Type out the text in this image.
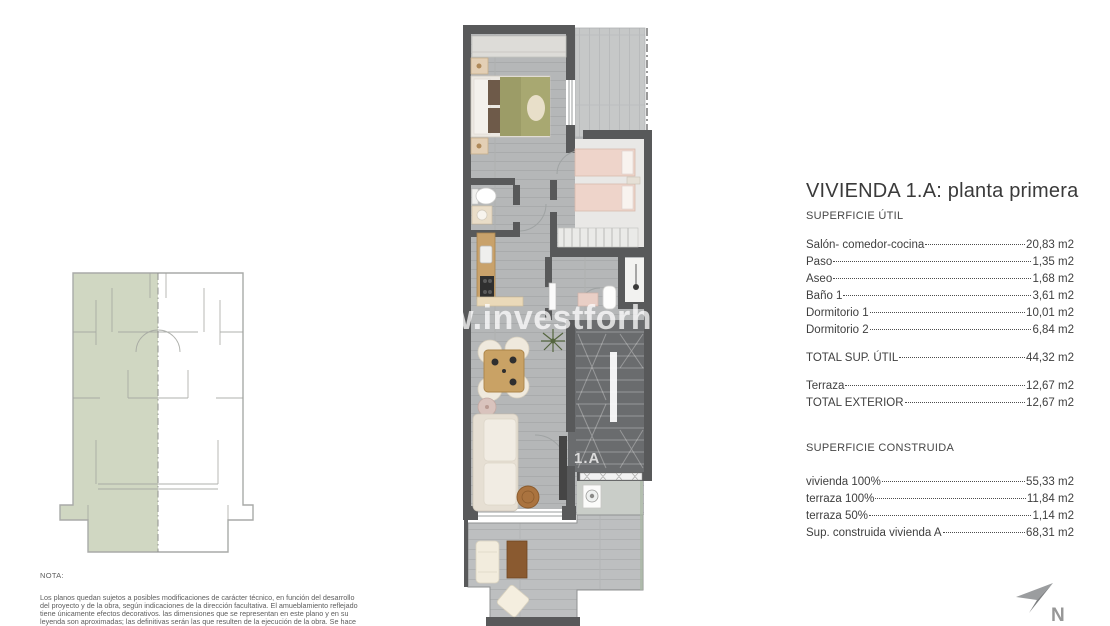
1.A
N
w.investforhome.c
VIVIENDA 1.A: planta primera
SUPERFICIE ÚTIL
Salón- comedor-cocina	20,83 m2
Paso	1,35 m2
Aseo	1,68 m2
Baño 1	3,61 m2
Dormitorio 1	10,01 m2
Dormitorio 2	6,84 m2
TOTAL SUP. ÚTIL	44,32 m2
Terraza	12,67 m2
TOTAL EXTERIOR	12,67 m2
SUPERFICIE CONSTRUIDA
vivienda 100%	55,33 m2
terraza 100%	11,84 m2
terraza 50%	1,14 m2
Sup. construida vivienda A	68,31 m2
NOTA:
Los planos quedan sujetos a posibles modificaciones de carácter técnico, en función del desarrollo
del proyecto y de la obra, según indicaciones de la dirección facultativa. El amueblamiento reflejado
tiene únicamente efectos decorativos. las dimensiones que se representan en este plano y en su
leyenda son aproximadas; las definitivas serán las que resulten de la ejecución de la obra. Se hace
